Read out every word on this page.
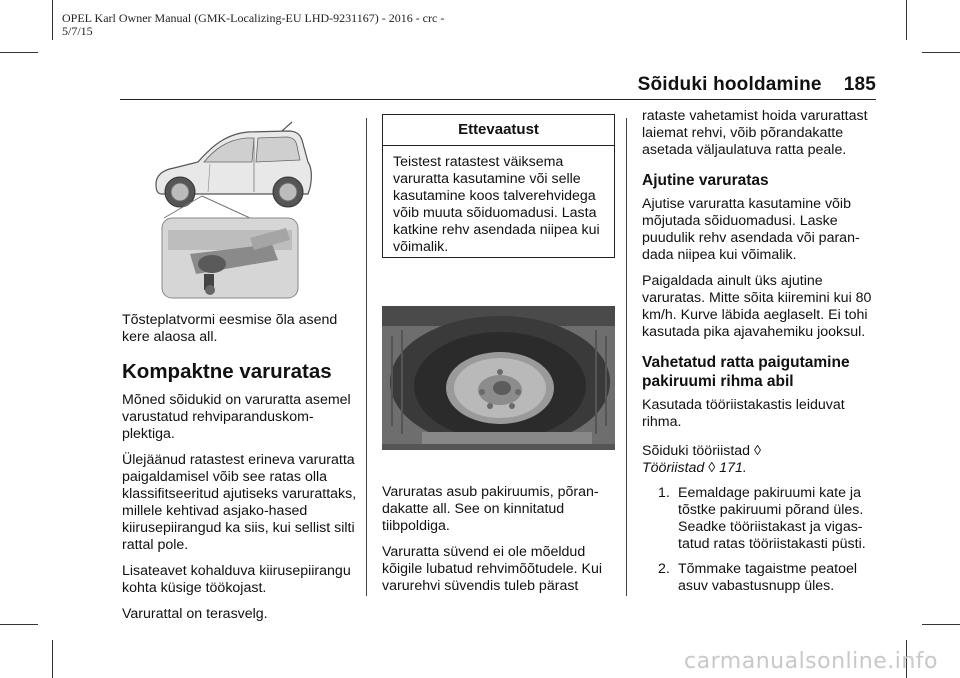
OPEL Karl Owner Manual (GMK-Localizing-EU LHD-9231167) - 2016 - crc -
5/7/15
Sõiduki hooldamine 185

Tõsteplatvormi eesmise õla asend kere alaosa all.

Kompaktne varuratas

Mõned sõidukid on varuratta asemel varustatud rehviparanduskom-plektiga.

Ülejäänud ratastest erineva varuratta paigaldamisel võib see ratas olla klassifitseeritud ajutiseks varurattaks, millele kehtivad asjako-hased kiirusepiirangud ka siis, kui sellist silti rattal pole.

Lisateavet kohalduva kiirusepiirangu kohta küsige töökojast.

Varurattal on terasvelg.

Ettevaatust
Teistest ratastest väiksema varuratta kasutamine või selle kasutamine koos talverehvidega võib muuta sõiduomadusi. Lasta katkine rehv asendada niipea kui võimalik.

Varuratas asub pakiruumis, põran-dakatte all. See on kinnitatud tiibpoldiga.

Varuratta süvend ei ole mõeldud kõigile lubatud rehvimõõtudele. Kui varurehvi süvendis tuleb pärast

rataste vahetamist hoida varurattast laiemat rehvi, võib põrandakatte asetada väljaulatuva ratta peale.

Ajutine varuratas

Ajutise varuratta kasutamine võib mõjutada sõiduomadusi. Laske puudulik rehv asendada või paran-dada niipea kui võimalik.

Paigaldada ainult üks ajutine varuratas. Mitte sõita kiiremini kui 80 km/h. Kurve läbida aeglaselt. Ei tohi kasutada pika ajavahemiku jooksul.

Vahetatud ratta paigutamine pakiruumi rihma abil

Kasutada tööriistakastis leiduvat rihma.

Sõiduki tööriistad ◊

Tööriistad ◊ 171.

1. Eemaldage pakiruumi kate ja tõstke pakiruumi põrand üles. Seadke tööriistakast ja vigas-tatud ratas tööriistakasti püsti.
2. Tõmmake tagaistme peatoel asuv vabastusnupp üles.
carmanualsonline.info
